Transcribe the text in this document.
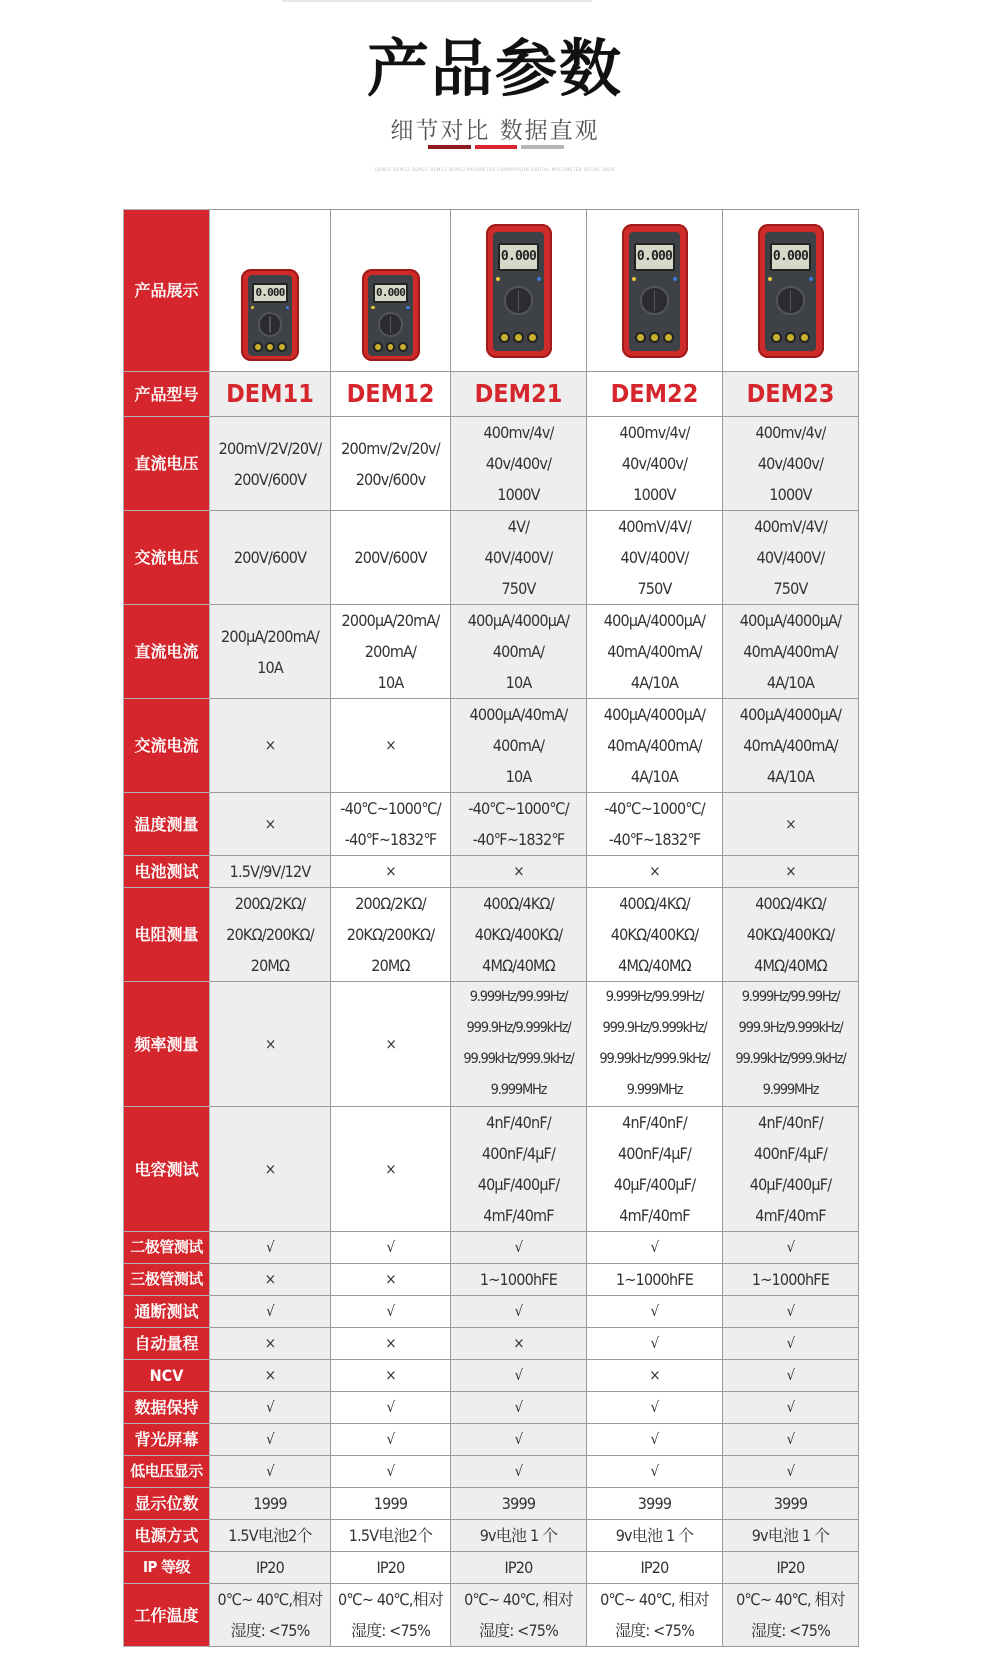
产品参数
细节对比 数据直观
DEM11 DEM12 DEM21 DEM22 DEM23 PARAMETER COMPARISON DIGITAL MULTIMETER DETAIL DATA
产品展示	0.000	0.000	0.000	0.000	0.000

产品型号	DEM11	DEM12	DEM21	DEM22	DEM23
直流电压	200mV/2V/20V/
200V/600V	200mv/2v/20v/
200v/600v	400mv/4v/
40v/400v/
1000V	400mv/4v/
40v/400v/
1000V	400mv/4v/
40v/400v/
1000V

交流电压	200V/600V	200V/600V	4V/
40V/400V/
750V	400mV/4V/
40V/400V/
750V	400mV/4V/
40V/400V/
750V

直流电流	200μA/200mA/
10A	2000μA/20mA/
200mA/
10A	400μA/4000μA/
400mA/
10A	400μA/4000μA/
40mA/400mA/
4A/10A	400μA/4000μA/
40mA/400mA/
4A/10A

交流电流	×	×	4000μA/40mA/
400mA/
10A	400μA/4000μA/
40mA/400mA/
4A/10A	400μA/4000μA/
40mA/400mA/
4A/10A

温度测量	×	-40℃~1000℃/
-40℉~1832℉	-40℃~1000℃/
-40℉~1832℉	-40℃~1000℃/
-40℉~1832℉	×

电池测试	1.5V/9V/12V	×	×	×	×

电阻测量	200Ω/2KΩ/
20KΩ/200KΩ/
20MΩ	200Ω/2KΩ/
20KΩ/200KΩ/
20MΩ	400Ω/4KΩ/
40KΩ/400KΩ/
4MΩ/40MΩ	400Ω/4KΩ/
40KΩ/400KΩ/
4MΩ/40MΩ	400Ω/4KΩ/
40KΩ/400KΩ/
4MΩ/40MΩ

频率测量	×	×	9.999Hz/99.99Hz/
999.9Hz/9.999kHz/
99.99kHz/999.9kHz/
9.999MHz	9.999Hz/99.99Hz/
999.9Hz/9.999kHz/
99.99kHz/999.9kHz/
9.999MHz	9.999Hz/99.99Hz/
999.9Hz/9.999kHz/
99.99kHz/999.9kHz/
9.999MHz

电容测试	×	×	4nF/40nF/
400nF/4μF/
40μF/400μF/
4mF/40mF	4nF/40nF/
400nF/4μF/
40μF/400μF/
4mF/40mF	4nF/40nF/
400nF/4μF/
40μF/400μF/
4mF/40mF

二极管测试	√	√	√	√	√

三极管测试	×	×	1~1000hFE	1~1000hFE	1~1000hFE

通断测试	√	√	√	√	√

自动量程	×	×	×	√	√

NCV	×	×	√	×	√

数据保持	√	√	√	√	√

背光屏幕	√	√	√	√	√

低电压显示	√	√	√	√	√

显示位数	1999	1999	3999	3999	3999

电源方式	1.5V电池2个	1.5V电池2个	9v电池 1 个	9v电池 1 个	9v电池 1 个

IP 等级	IP20	IP20	IP20	IP20	IP20

工作温度	0℃~ 40℃,相对
湿度: <75%	0℃~ 40℃,相对
湿度: <75%	0℃~ 40℃, 相对
湿度: <75%	0℃~ 40℃, 相对
湿度: <75%	0℃~ 40℃, 相对
湿度: <75%
